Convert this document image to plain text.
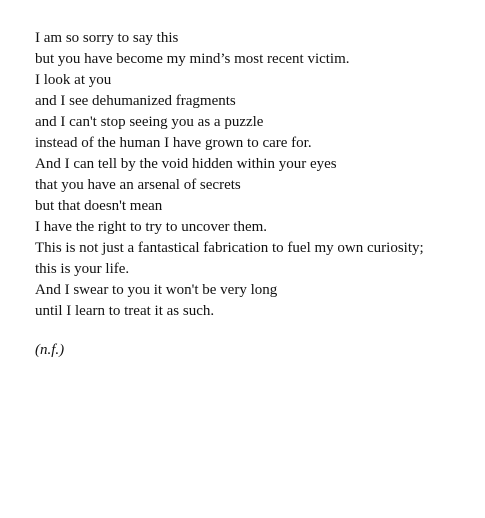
I am so sorry to say this
but you have become my mind’s most recent victim.
I look at you
and I see dehumanized fragments
and I can't stop seeing you as a puzzle
instead of the human I have grown to care for.
And I can tell by the void hidden within your eyes
that you have an arsenal of secrets
but that doesn't mean
I have the right to try to uncover them.
This is not just a fantastical fabrication to fuel my own curiosity;
this is your life.
And I swear to you it won't be very long
until I learn to treat it as such.
(n.f.)
